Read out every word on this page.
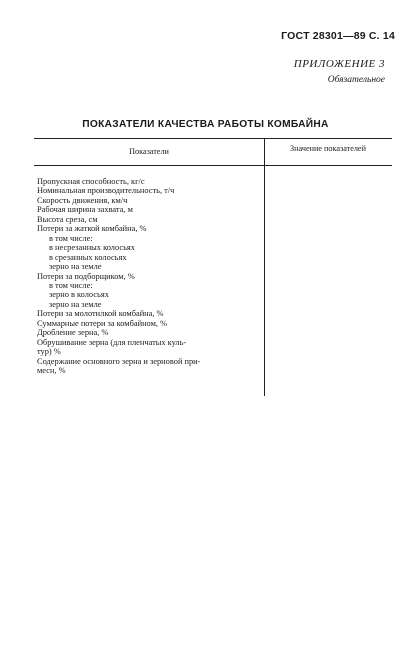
ГОСТ 28301—89 С. 14
ПРИЛОЖЕНИЕ 3
Обязательное
ПОКАЗАТЕЛИ КАЧЕСТВА РАБОТЫ КОМБАЙНА
Показатели	Значение показателей
Пропускная способность, кг/с
Номинальная производительность, т/ч
Скорость движения, км/ч
Рабочая ширина захвата, м
Высота среза, см
Потери за жаткой комбайна, %
в том числе:
в несрезанных колосьях
в срезанных колосьях
зерно на земле
Потери за подборщиком, %
в том числе:
зерно в колосьях
зерно на земле
Потери за молотилкой комбайна, %
Суммарные потери за комбайном, %
Дробление зерна, %
Обрушивание зерна (для пленчатых куль-
тур) %
Содержание основного зерна и зерновой при-
месн, %
